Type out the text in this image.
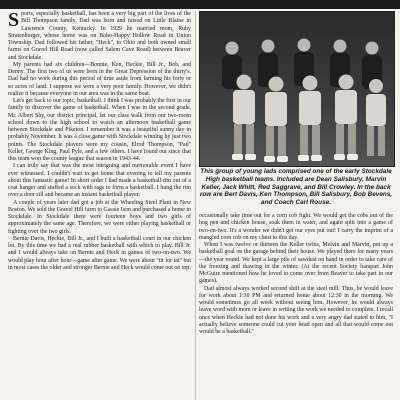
Sports, especially basketball, has been a very big part of the lives of the Bill Thompson family. Dad was born and raised on Little Blaine in Lawrence County, Kentucky. In 1929 he married mom, Ruby Stratenburger, whose home was on Boho-Happy Hollow Road in Union Township. Dad followed his father, "Heck", to Ohio and both owned small farms on Gravel Hill Road (now called Salem Cave Road) between Beaver and Stockdale.

My parents had six children—Bonnie, Ken, Heckie, Bill Jr., Bob, and Denny. The first two of us were born in the Great Depression of the thirty's. Dad had no work during this period of time aside from farming his forty or so acres of land. I suppose we were a very poor family. However, we didn't realize it because everyone in our area was in the same boat.

Let's get back to our topic, basketball. I think I was probably the first in our family to discover the game of basketball. When I was in the second grade, Mr. Albert Shy, our district principal, let our class walk from our two-room school down to the high school to watch an afternoon basketball game between Stockdale and Piketon. I remember it was a beautiful sunny day in probably November. It was a close game with Stockdale winning by just two points. The Stockdale players were my cousin, Elrod Thompson, "Pad" Keller, George King, Paul Pyle, and a few others. I have found out since that this team won the county league that season in 1943-44.

I can truly say that was the most intriguing and memorable event I have ever witnessed. I couldn't wait to get home that evening to tell my parents about this fantastic game! In short order I had made a basketball rim out of a coat hanger and stuffed a sock with rags to form a basketball. I hung the rim over a door sill and became an instant basketball player.

A couple of years later dad got a job at the Wheeling Steel Plant in New Boston. We sold the Gravel Hill farm to Gassie Ison and purchased a home in Stockdale. In Stockdale there were fourteen boys and two girls of approximately the same age. Therefore, we were either playing basketball or fighting over the two girls.

Bernie Davis, Heckie, Bill Jr., and I built a basketball court in our chicken lot. By this time we had a real rubber basketball with which to play. Bill Jr. and I would always take on Bernie and Heck in games of two-on-two. We would play hour after hour—game after game. We were about "tit for tat" but in most cases the older and stronger Bernie and Heck would come out on top.

This group of young lads comprised one of the early Stockdale High basketball teams. Included are Dean Salisbury, Marvin Keller, Jack Whitt, Red Saggrave, and Bill Crowley. In the back row are Bert Davis, Ken Thompson, Bill Salisbury, Bob Bevens, and Coach Carl Rouse.

occasionally take time out for a corn cob fight. We would get the cobs out of the hog pen and chicken house, soak them in water, and again split into a game of two-on-two. It's a wonder we didn't get our eyes put out! I carry the imprint of a mangled corn cob on my chest to this day.

When I was twelve or thirteen the Keller twins, Melvin and Marvin, put up a basketball goal on the garage behind their house. We played there for many years—the year round. We kept a large pile of sawdust on hand in order to take care of the freezing and thawing in the winter. (At the recent Society banquet John McGuire mentioned how he loved to come over from Beaver to take part in our games).

Dad almost always worked second shift at the steel mill. Thus, he would leave for work about 1:30 PM and returned home about 12:30 in the morning. We would sometimes go all week without seeing him. However, he would always leave word with mom or leave in writing the work we needed to complete. I recall once when Heckie had not done his work and a very angry dad stated to him, "I actually believe someone could cut your head open and all that would come out would be a basketball."
